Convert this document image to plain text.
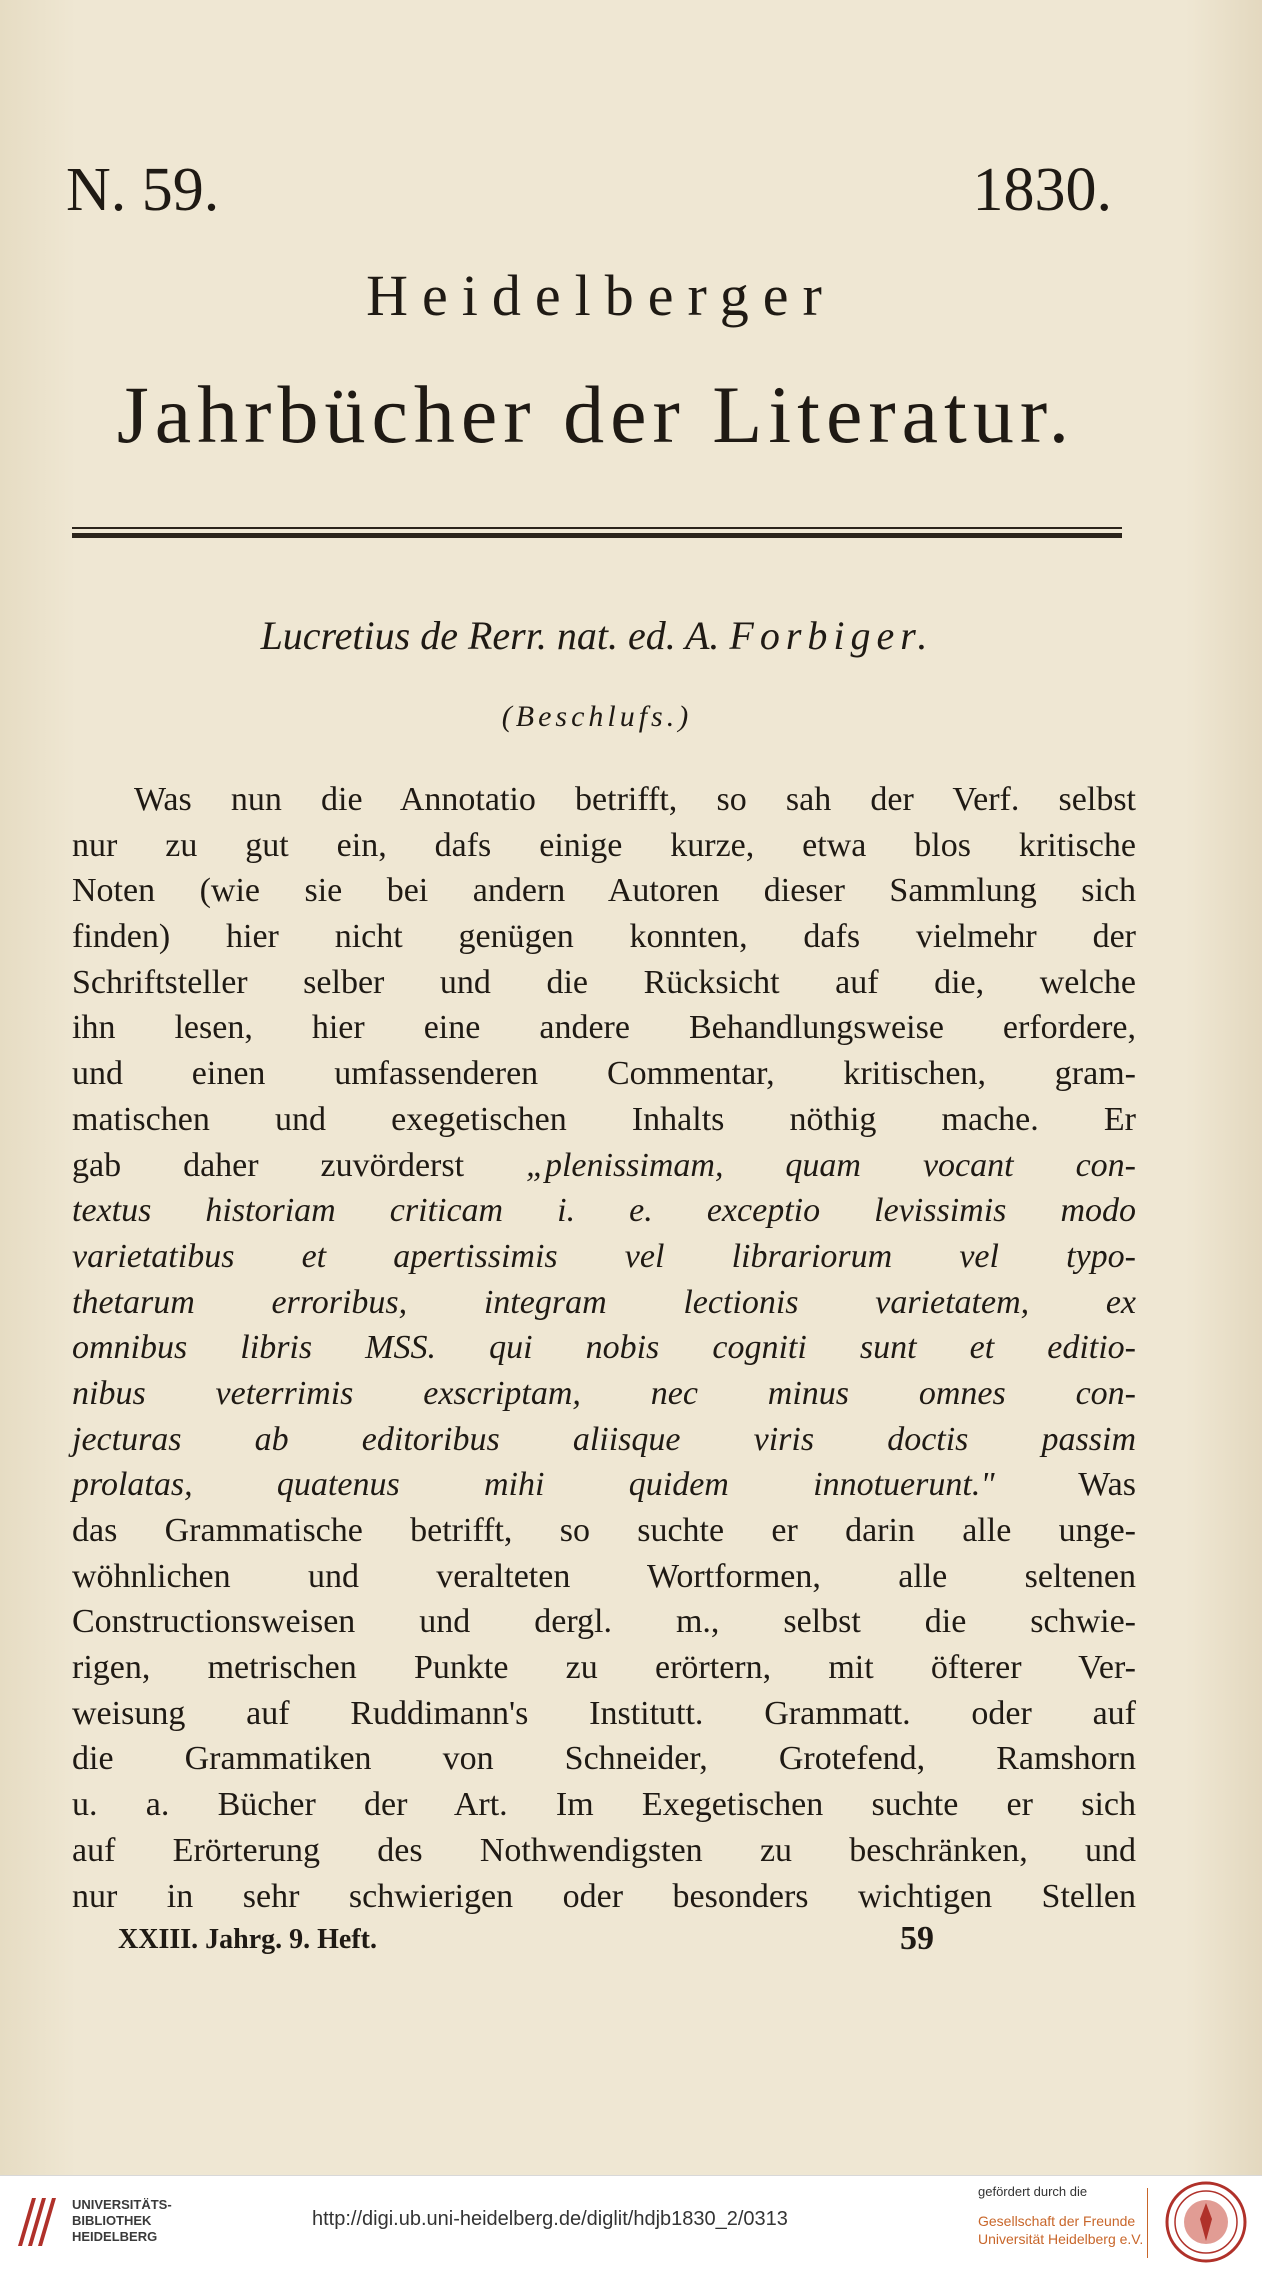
N. 59.	1830.
Heidelberger
Jahrbücher der Literatur.
Lucretius de Rerr. nat. ed. A. Forbiger.
(Beschlufs.)
Was nun die Annotatio betrifft, so sah der Verf. selbst
nur zu gut ein, dafs einige kurze, etwa blos kritische
Noten (wie sie bei andern Autoren dieser Sammlung sich
finden) hier nicht genügen konnten, dafs vielmehr der
Schriftsteller selber und die Rücksicht auf die, welche
ihn lesen, hier eine andere Behandlungsweise erfordere,
und einen umfassenderen Commentar, kritischen, gram-
matischen und exegetischen Inhalts nöthig mache. Er
gab daher zuvörderst „plenissimam, quam vocant con-
textus historiam criticam i. e. exceptio levissimis modo
varietatibus et apertissimis vel librariorum vel typo-
thetarum erroribus, integram lectionis varietatem, ex
omnibus libris MSS. qui nobis cogniti sunt et editio-
nibus veterrimis exscriptam, nec minus omnes con-
jecturas ab editoribus aliisque viris doctis passim
prolatas, quatenus mihi quidem innotuerunt." Was
das Grammatische betrifft, so suchte er darin alle unge-
wöhnlichen und veralteten Wortformen, alle seltenen
Constructionsweisen und dergl. m., selbst die schwie-
rigen, metrischen Punkte zu erörtern, mit öfterer Ver-
weisung auf Ruddimann's Institutt. Grammatt. oder auf
die Grammatiken von Schneider, Grotefend, Ramshorn
u. a. Bücher der Art. Im Exegetischen suchte er sich
auf Erörterung des Nothwendigsten zu beschränken, und
nur in sehr schwierigen oder besonders wichtigen Stellen
XXIII. Jahrg. 9. Heft.	59
UNIVERSITÄTS-
BIBLIOTHEK
HEIDELBERG
http://digi.ub.uni-heidelberg.de/diglit/hdjb1830_2/0313
gefördert durch die
Gesellschaft der Freunde
Universität Heidelberg e.V.
